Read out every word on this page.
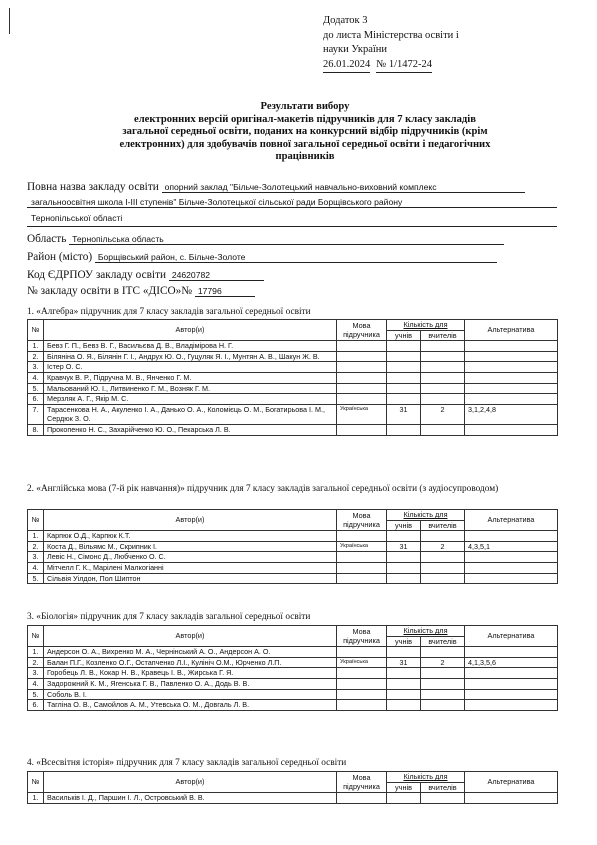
Додаток 3
до листа Міністерства освіти і
науки України
26.01.2024 № 1/1472-24
Результати вибору
електронних версій оригінал-макетів підручників для 7 класу закладів
загальної середньої освіти, поданих на конкурсний відбір підручників (крім
електронних) для здобувачів повної загальної середньої освіти і педагогічних
працівників
Повна назва закладу освіти опорний заклад "Більче-Золотецький навчально-виховний комплекс
загальноосвітня школа І-ІІІ ступенів" Більче-Золотецької сільської ради Борщівського району
Тернопільської області
Область Тернопільська область
Район (місто) Борщівський район, с. Більче-Золоте
Код ЄДРПОУ закладу освіти 24620782
№ закладу освіти в ІТС «ДІСО»№ 17796
1. «Алгебра» підручник для 7 класу закладів загальної середньої освіти
№	Автор(и)	Мова
підручника	Кількість для		Альтернатива
			учнів	вчителів	
1.	Бевз Г. П., Бевз В. Г., Васильєва Д. В., Владімірова Н. Г.				
2.	Біляніна О. Я., Білянін Г. І., Андрух Ю. О., Гуцуляк Я. І., Мунтян А. В., Шакун Ж. В.				
3.	Істер О. С.				
4.	Кравчук В. Р., Підручна М. В., Янченко Г. М.				
5.	Мальований Ю. І., Литвиненко Г. М., Возняк Г. М.				
6.	Мерзляк А. Г., Якір М. С.				
7.	Тарасенкова Н. А., Акуленко І. А., Данько О. А., Коломієць О. М., Богатирьова І. М., Сердюк З. О.	Українська	31	2	3,1,2,4,8
8.	Прокопенко Н. С., Захарійченко Ю. О., Пекарська Л. В.				
2. «Англійська мова (7-й рік навчання)» підручник для 7 класу закладів загальної середньої освіти (з аудіосупроводом)
№	Автор(и)	Мова
підручника	Кількість для		Альтернатива
			учнів	вчителів	
1.	Карпюк О.Д., Карпюк К.Т.				
2.	Коста Д., Вільямс М., Скрипник І.	Українська	31	2	4,3,5,1
3.	Левіс Н., Сімонс Д., Любченко О. С.				
4.	Мітчелл Г. К., Марілені Малкогіанні				
5.	Сільвія Уілдон, Пол Шиптон				
3. «Біологія» підручник для 7 класу закладів загальної середньої освіти
№	Автор(и)	Мова
підручника	Кількість для		Альтернатива
			учнів	вчителів	
1.	Андерсон О. А., Вихренко М. А., Чернінський А. О., Андерсон А. О.				
2.	Балан П.Г., Козленко О.Г., Остапченко Л.І., Кулініч О.М., Юрченко Л.П.	Українська	31	2	4,1,3,5,6
3.	Горобець Л. В., Кокар Н. В., Кравець І. В., Жирська Г. Я.				
4.	Задорожний К. М., Ягенська Г. В., Павленко О. А., Додь В. В.				
5.	Соболь В. І.				
6.	Тагліна О. В., Самойлов А. М., Утевська О. М., Довгаль Л. В.				
4. «Всесвітня історія» підручник для 7 класу закладів загальної середньої освіти
№	Автор(и)	Мова
підручника	Кількість для		Альтернатива
			учнів	вчителів	
1.	Васильків І. Д., Паршин І. Л., Островський В. В.				
